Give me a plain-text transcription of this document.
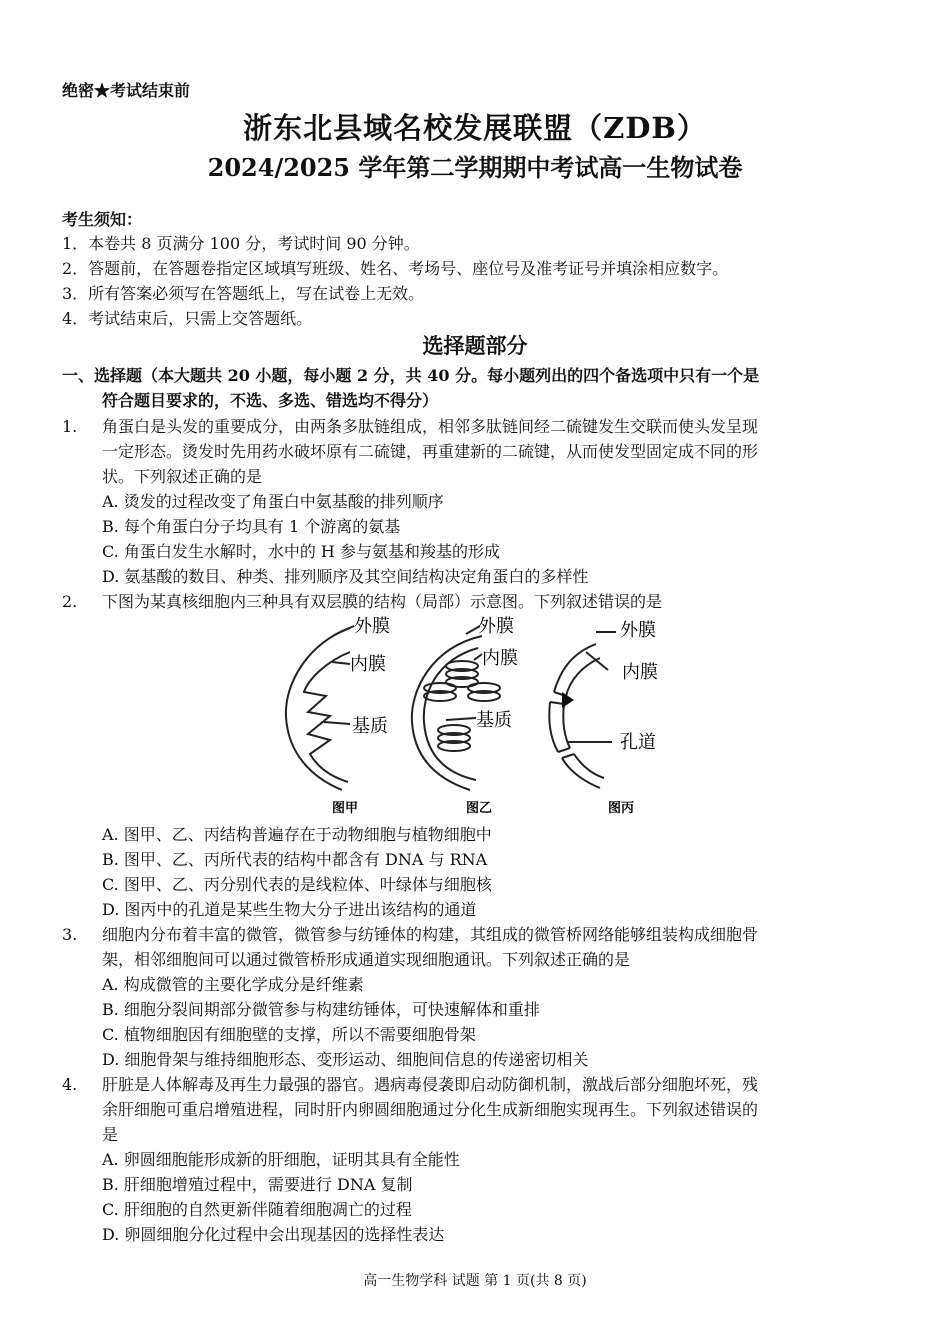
绝密★考试结束前
浙东北县域名校发展联盟（ZDB）
2024/2025 学年第二学期期中考试高一生物试卷
考生须知：
1．本卷共 8 页满分 100 分，考试时间 90 分钟。
2．答题前，在答题卷指定区域填写班级、姓名、考场号、座位号及准考证号并填涂相应数字。
3．所有答案必须写在答题纸上，写在试卷上无效。
4．考试结束后，只需上交答题纸。
选择题部分
一、选择题（本大题共 20 小题，每小题 2 分，共 40 分。每小题列出的四个备选项中只有一个是
符合题目要求的，不选、多选、错选均不得分）
1. 角蛋白是头发的重要成分，由两条多肽链组成，相邻多肽链间经二硫键发生交联而使头发呈现
一定形态。烫发时先用药水破坏原有二硫键，再重建新的二硫键，从而使发型固定成不同的形
状。下列叙述正确的是
A. 烫发的过程改变了角蛋白中氨基酸的排列顺序
B. 每个角蛋白分子均具有 1 个游离的氨基
C. 角蛋白发生水解时，水中的 H 参与氨基和羧基的形成
D. 氨基酸的数目、种类、排列顺序及其空间结构决定角蛋白的多样性
2. 下图为某真核细胞内三种具有双层膜的结构（局部）示意图。下列叙述错误的是
外膜
内膜
基质
外膜
内膜
基质
外膜
内膜
孔道
图甲	图乙	图丙
A. 图甲、乙、丙结构普遍存在于动物细胞与植物细胞中
B. 图甲、乙、丙所代表的结构中都含有 DNA 与 RNA
C. 图甲、乙、丙分别代表的是线粒体、叶绿体与细胞核
D. 图丙中的孔道是某些生物大分子进出该结构的通道
3. 细胞内分布着丰富的微管，微管参与纺锤体的构建，其组成的微管桥网络能够组装构成细胞骨
架，相邻细胞间可以通过微管桥形成通道实现细胞通讯。下列叙述正确的是
A. 构成微管的主要化学成分是纤维素
B. 细胞分裂间期部分微管参与构建纺锤体，可快速解体和重排
C. 植物细胞因有细胞壁的支撑，所以不需要细胞骨架
D. 细胞骨架与维持细胞形态、变形运动、细胞间信息的传递密切相关
4. 肝脏是人体解毒及再生力最强的器官。遇病毒侵袭即启动防御机制，激战后部分细胞坏死，残
余肝细胞可重启增殖进程，同时肝内卵圆细胞通过分化生成新细胞实现再生。下列叙述错误的
是
A. 卵圆细胞能形成新的肝细胞，证明其具有全能性
B. 肝细胞增殖过程中，需要进行 DNA 复制
C. 肝细胞的自然更新伴随着细胞凋亡的过程
D. 卵圆细胞分化过程中会出现基因的选择性表达
高一生物学科 试题 第 1 页(共 8 页)
